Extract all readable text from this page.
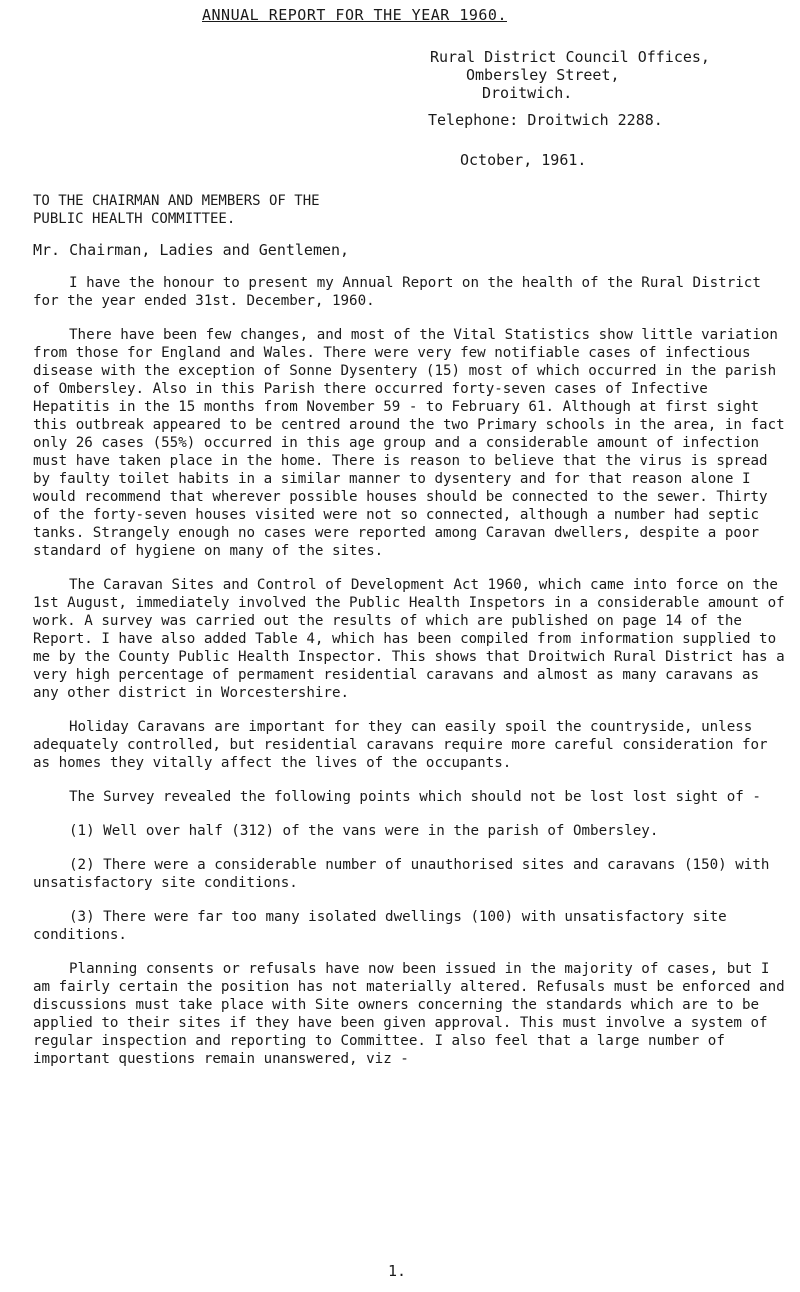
ANNUAL REPORT FOR THE YEAR 1960.
Rural District Council Offices,
Ombersley Street,
Droitwich.
Telephone: Droitwich 2288.
October, 1961.
TO THE CHAIRMAN AND MEMBERS OF THE
PUBLIC HEALTH COMMITTEE.
Mr. Chairman, Ladies and Gentlemen,

I have the honour to present my Annual Report on the health of the Rural District for the year ended 31st. December, 1960.

There have been few changes, and most of the Vital Statistics show little variation from those for England and Wales. There were very few notifiable cases of infectious disease with the exception of Sonne Dysentery (15) most of which occurred in the parish of Ombersley. Also in this Parish there occurred forty-seven cases of Infective Hepatitis in the 15 months from November 59 - to February 61. Although at first sight this outbreak appeared to be centred around the two Primary schools in the area, in fact only 26 cases (55%) occurred in this age group and a considerable amount of infection must have taken place in the home. There is reason to believe that the virus is spread by faulty toilet habits in a similar manner to dysentery and for that reason alone I would recommend that wherever possible houses should be connected to the sewer. Thirty of the forty-seven houses visited were not so connected, although a number had septic tanks. Strangely enough no cases were reported among Caravan dwellers, despite a poor standard of hygiene on many of the sites.

The Caravan Sites and Control of Development Act 1960, which came into force on the 1st August, immediately involved the Public Health Inspetors in a considerable amount of work. A survey was carried out the results of which are published on page 14 of the Report. I have also added Table 4, which has been compiled from information supplied to me by the County Public Health Inspector. This shows that Droitwich Rural District has a very high percentage of permament residential caravans and almost as many caravans as any other district in Worcestershire.

Holiday Caravans are important for they can easily spoil the countryside, unless adequately controlled, but residential caravans require more careful consideration for as homes they vitally affect the lives of the occupants.

The Survey revealed the following points which should not be lost lost sight of -

(1) Well over half (312) of the vans were in the parish of Ombersley.
(2) There were a considerable number of unauthorised sites and caravans (150) with unsatisfactory site conditions.
(3) There were far too many isolated dwellings (100) with unsatisfactory site conditions.

Planning consents or refusals have now been issued in the majority of cases, but I am fairly certain the position has not materially altered. Refusals must be enforced and discussions must take place with Site owners concerning the standards which are to be applied to their sites if they have been given approval. This must involve a system of regular inspection and reporting to Committee. I also feel that a large number of important questions remain unanswered, viz -

1.
